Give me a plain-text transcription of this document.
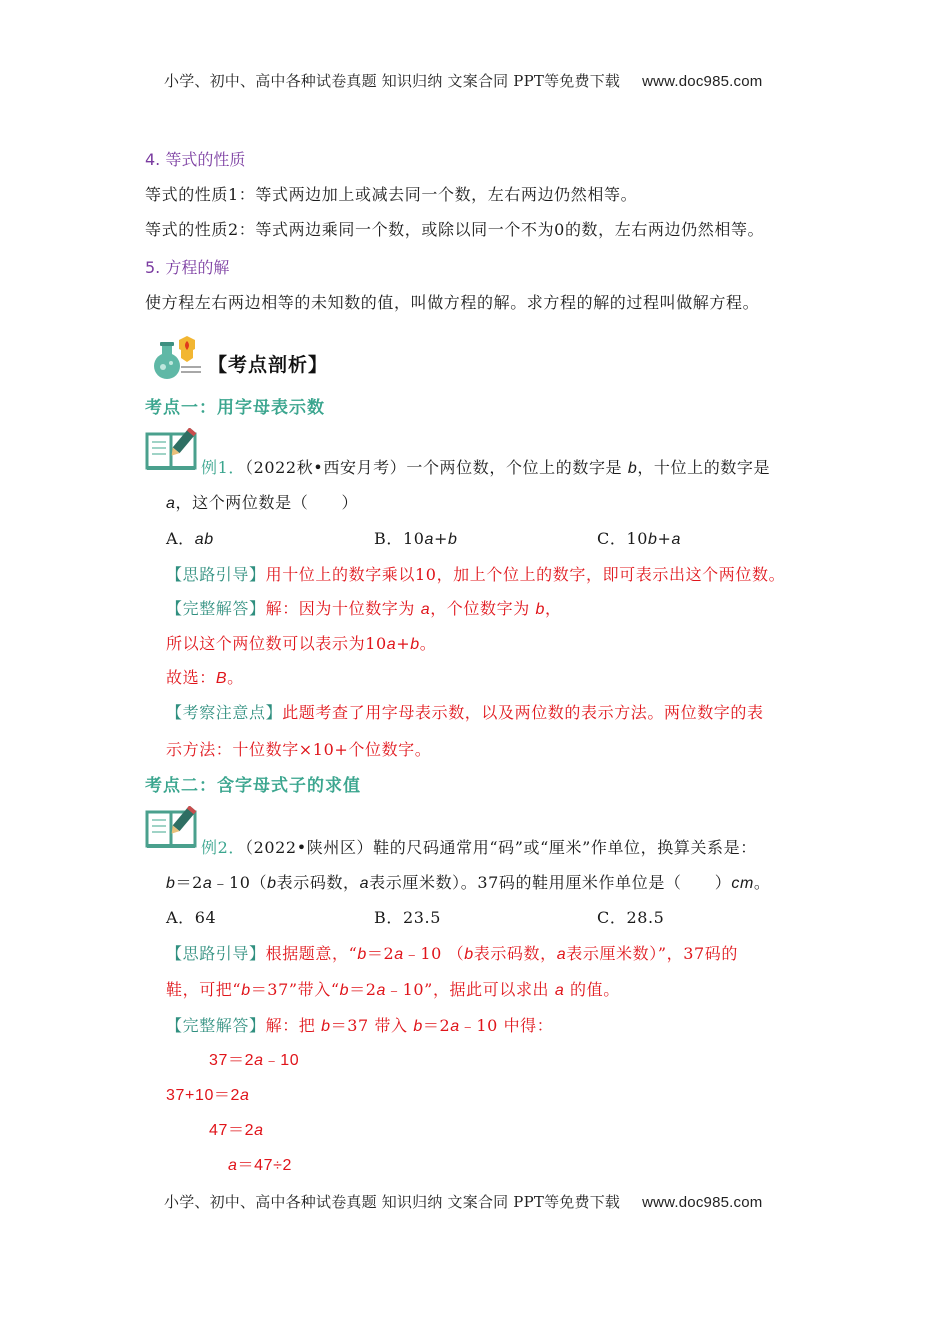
小学、初中、高中各种试卷真题 知识归纳 文案合同 PPT等免费下载 www.doc985.com
4. 等式的性质
等式的性质1：等式两边加上或减去同一个数，左右两边仍然相等。
等式的性质2：等式两边乘同一个数，或除以同一个不为0的数，左右两边仍然相等。
5. 方程的解
使方程左右两边相等的未知数的值，叫做方程的解。求方程的解的过程叫做解方程。
【考点剖析】
考点一：用字母表示数
例1．（2022秋•西安月考）一个两位数，个位上的数字是 b，十位上的数字是
a，这个两位数是（　　）
A．ab	B．10a+b	C．10b+a
【思路引导】用十位上的数字乘以10，加上个位上的数字，即可表示出这个两位数。
【完整解答】解：因为十位数字为 a，个位数字为 b，
所以这个两位数可以表示为10a+b。
故选：B。
【考察注意点】此题考查了用字母表示数，以及两位数的表示方法。两位数字的表
示方法：十位数字×10+个位数字。
考点二：含字母式子的求值
例2．（2022•陕州区）鞋的尺码通常用“码”或“厘米”作单位，换算关系是：
b＝2a﹣10（b表示码数，a表示厘米数）。37码的鞋用厘米作单位是（　　）cm。
A．64	B．23.5	C．28.5
【思路引导】根据题意，“b＝2a﹣10 （b表示码数，a表示厘米数）”，37码的
鞋，可把“b＝37”带入“b＝2a﹣10”，据此可以求出 a 的值。
【完整解答】解：把 b＝37 带入 b＝2a﹣10 中得：
37＝2a﹣10
37+10＝2a
47＝2a
a＝47÷2
小学、初中、高中各种试卷真题 知识归纳 文案合同 PPT等免费下载 www.doc985.com
